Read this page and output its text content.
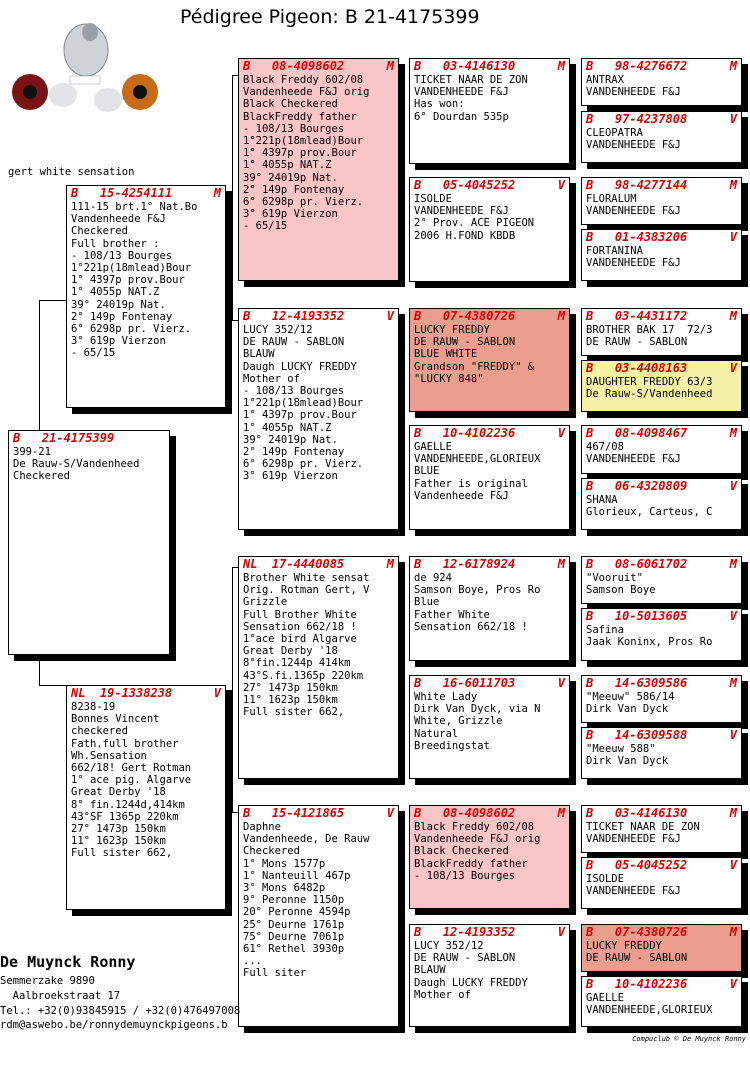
Pédigree Pigeon: B 21-4175399
gert white sensation
B 21-4175399
399-21
De Rauw-S/Vandenheed
Checkered
B 15-4254111	M
111-15 brt.1° Nat.Bo
Vandenheede F&J
Checkered
Full brother :
- 108/13 Bourges
1°221p(18mlead)Bour
1° 4397p prov.Bour
1° 4055p NAT.Z
39° 24019p Nat.
2° 149p Fontenay
6° 6298p pr. Vierz.
3° 619p Vierzon
- 65/15
NL 19-1338238	V
8238-19
Bonnes Vincent
checkered
Fath.full brother
Wh.Sensation
662/18! Gert Rotman
1° ace pig. Algarve
Great Derby '18
8° fin.1244d,414km
43°SF 1365p 220km
27° 1473p 150km
11° 1623p 150km
Full sister 662,
B 08-4098602	M
Black Freddy 602/08
Vandenheede F&J orig
Black Checkered
BlackFreddy father
- 108/13 Bourges
1°221p(18mlead)Bour
1° 4397p prov.Bour
1° 4055p NAT.Z
39° 24019p Nat.
2° 149p Fontenay
6° 6298p pr. Vierz.
3° 619p Vierzon
- 65/15
B 12-4193352	V
LUCY 352/12
DE RAUW - SABLON
BLAUW
Daugh LUCKY FREDDY
Mother of
- 108/13 Bourges
1°221p(18mlead)Bour
1° 4397p prov.Bour
1° 4055p NAT.Z
39° 24019p Nat.
2° 149p Fontenay
6° 6298p pr. Vierz.
3° 619p Vierzon
NL 17-4440085	M
Brother White sensat
Orig. Rotman Gert, V
Grizzle
Full Brother White
Sensation 662/18 !
1°ace bird Algarve
Great Derby '18
8°fin.1244p 414km
43°S.fi.1365p 220km
27° 1473p 150km
11° 1623p 150km
Full sister 662,
B 15-4121865	V
Daphne
Vandenheede, De Rauw
Checkered
1° Mons 1577p
1° Nanteuill 467p
3° Mons 6482p
9° Peronne 1150p
20° Peronne 4594p
25° Deurne 1761p
75° Deurne 7061p
61° Rethel 3930p
...
Full siter
B 03-4146130	M
TICKET NAAR DE ZON
VANDENHEEDE F&J
Has won:
6° Dourdan 535p
B 05-4045252	V
ISOLDE
VANDENHEEDE F&J
2° Prov. ACE PIGEON
2006 H.FOND KBDB
B 07-4380726	M
LUCKY FREDDY
DE RAUW - SABLON
BLUE WHITE
Grandson "FREDDY" &
"LUCKY 848"
B 10-4102236	V
GAELLE
VANDENHEEDE,GLORIEUX
BLUE
Father is original
Vandenheede F&J
B 12-6178924	M
de 924
Samson Boye, Pros Ro
Blue
Father White
Sensation 662/18 !
B 16-6011703	V
White Lady
Dirk Van Dyck, via N
White, Grizzle
Natural
Breedingstat
B 08-4098602	M
Black Freddy 602/08
Vandenheede F&J orig
Black Checkered
BlackFreddy father
- 108/13 Bourges
B 12-4193352	V
LUCY 352/12
DE RAUW - SABLON
BLAUW
Daugh LUCKY FREDDY
Mother of
B 98-4276672	M
ANTRAX
VANDENHEEDE F&J
B 97-4237808	V
CLEOPATRA
VANDENHEEDE F&J
B 98-4277144	M
FLORALUM
VANDENHEEDE F&J
B 01-4383206	V
FORTANINA
VANDENHEEDE F&J
B 03-4431172	M
BROTHER BAK 17  72/3
DE RAUW - SABLON
B 03-4408163	V
DAUGHTER FREDDY 63/3
De Rauw-S/Vandenheed
B 08-4098467	M
467/08
VANDENHEEDE F&J
B 06-4320809	V
SHANA
Glorieux, Carteus, C
B 08-6061702	M
"Vooruit"
Samson Boye
B 10-5013605	V
Safina
Jaak Koninx, Pros Ro
B 14-6309586	M
"Meeuw" 586/14
Dirk Van Dyck
B 14-6309588	V
"Meeuw 588"
Dirk Van Dyck
B 03-4146130	M
TICKET NAAR DE ZON
VANDENHEEDE F&J
B 05-4045252	V
ISOLDE
VANDENHEEDE F&J
B 07-4380726	M
LUCKY FREDDY
DE RAUW - SABLON
B 10-4102236	V
GAELLE
VANDENHEEDE,GLORIEUX
De Muynck Ronny
Semmerzake 9890
Aalbroekstraat 17
Tel.: +32(0)93845915 / +32(0)476497008
rdm@aswebo.be/ronnydemuynckpigeons.b
Compuclub © De Muynck Ronny
